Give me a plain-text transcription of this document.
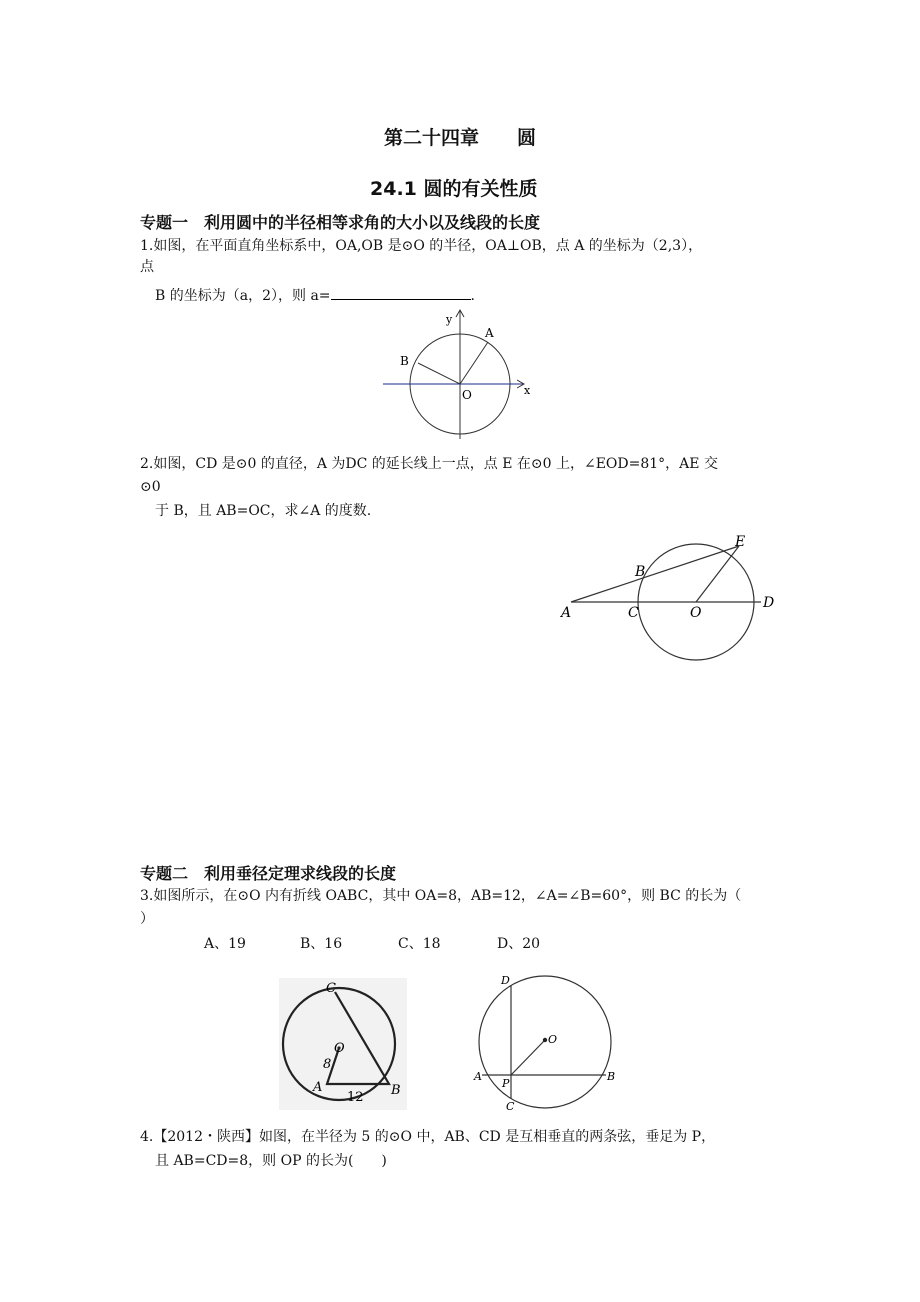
第二十四章　　圆
24.1 圆的有关性质
专题一　利用圆中的半径相等求角的大小以及线段的长度
1.如图，在平面直角坐标系中，OA,OB 是⊙O 的半径，OA⊥OB，点 A 的坐标为（2,3），
点
B 的坐标为（a，2），则 a=	.
y
x
A
B
O
2.如图，CD 是⊙0 的直径，A 为DC 的延长线上一点，点 E 在⊙0 上，∠EOD=81°，AE 交
⊙0
于 B，且 AB=OC，求∠A 的度数.
A
B
C	O
D
E
专题二　利用垂径定理求线段的长度
3.如图所示，在⊙O 内有折线 OABC，其中 OA=8，AB=12，∠A=∠B=60°，则 BC 的长为（
）
A、19	B、16	C、18	D、20
C
O
8
A	B
12
D
O
A
P
B
C
4.【2012・陕西】如图，在半径为 5 的⊙O 中，AB、CD 是互相垂直的两条弦，垂足为 P，
且 AB=CD=8，则 OP 的长为(　　)
